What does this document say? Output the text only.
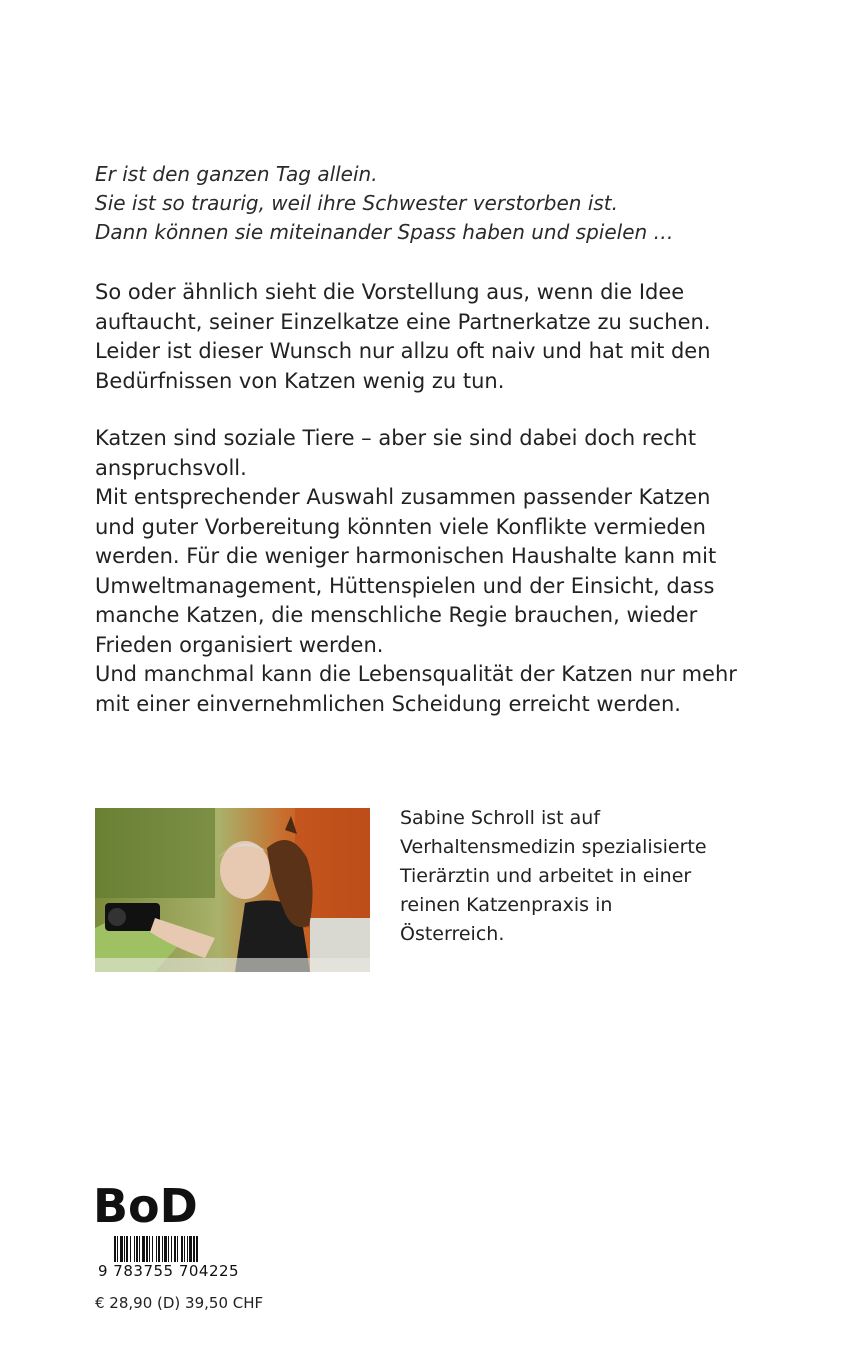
Er ist den ganzen Tag allein.

Sie ist so traurig, weil ihre Schwester verstorben ist.

Dann können sie miteinander Spass haben und spielen …

So oder ähnlich sieht die Vorstellung aus, wenn die Idee

auftaucht, seiner Einzelkatze eine Partnerkatze zu suchen.

Leider ist dieser Wunsch nur allzu oft naiv und hat mit den

Bedürfnissen von Katzen wenig zu tun.

Katzen sind soziale Tiere – aber sie sind dabei doch recht

anspruchsvoll.

Mit entsprechender Auswahl zusammen passender Katzen

und guter Vorbereitung könnten viele Konflikte vermieden

werden. Für die weniger harmonischen Haushalte kann mit

Umweltmanagement, Hüttenspielen und der Einsicht, dass

manche Katzen, die menschliche Regie brauchen, wieder

Frieden organisiert werden.

Und manchmal kann die Lebensqualität der Katzen nur mehr

mit einer einvernehmlichen Scheidung erreicht werden.

Sabine Schroll ist auf

Verhaltensmedizin spezialisierte

Tierärztin und arbeitet in einer

reinen Katzenpraxis in Österreich.

BoD
9 783755 704225
€ 28,90 (D) 39,50 CHF
